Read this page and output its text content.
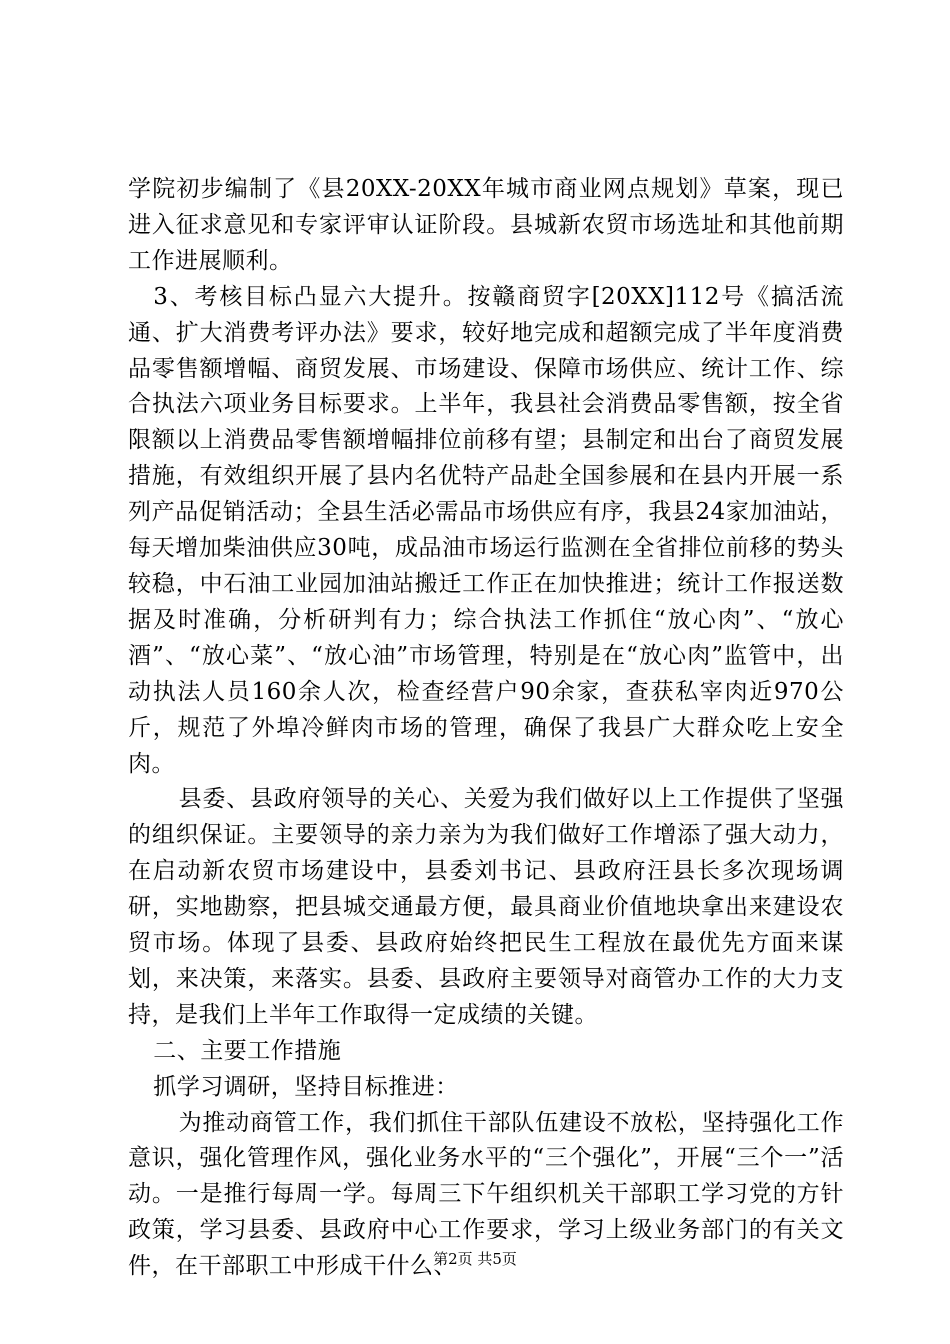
学院初步编制了《县20XX-20XX年城市商业网点规划》草案，现已进入征求意见和专家评审认证阶段。县城新农贸市场选址和其他前期工作进展顺利。

3、考核目标凸显六大提升。按赣商贸字[20XX]112号《搞活流通、扩大消费考评办法》要求，较好地完成和超额完成了半年度消费品零售额增幅、商贸发展、市场建设、保障市场供应、统计工作、综合执法六项业务目标要求。上半年，我县社会消费品零售额，按全省限额以上消费品零售额增幅排位前移有望；县制定和出台了商贸发展措施，有效组织开展了县内名优特产品赴全国参展和在县内开展一系列产品促销活动；全县生活必需品市场供应有序，我县24家加油站，每天增加柴油供应30吨，成品油市场运行监测在全省排位前移的势头较稳，中石油工业园加油站搬迁工作正在加快推进；统计工作报送数据及时准确，分析研判有力；综合执法工作抓住“放心肉”、“放心酒”、“放心菜”、“放心油”市场管理，特别是在“放心肉”监管中，出动执法人员160余人次，检查经营户90余家，查获私宰肉近970公斤，规范了外埠冷鲜肉市场的管理，确保了我县广大群众吃上安全肉。

县委、县政府领导的关心、关爱为我们做好以上工作提供了坚强的组织保证。主要领导的亲力亲为为我们做好工作增添了强大动力，在启动新农贸市场建设中，县委刘书记、县政府汪县长多次现场调研，实地勘察，把县城交通最方便，最具商业价值地块拿出来建设农贸市场。体现了县委、县政府始终把民生工程放在最优先方面来谋划，来决策，来落实。县委、县政府主要领导对商管办工作的大力支持，是我们上半年工作取得一定成绩的关键。

二、主要工作措施

抓学习调研，坚持目标推进：

为推动商管工作，我们抓住干部队伍建设不放松，坚持强化工作意识，强化管理作风，强化业务水平的“三个强化”，开展“三个一”活动。一是推行每周一学。每周三下午组织机关干部职工学习党的方针政策，学习县委、县政府中心工作要求，学习上级业务部门的有关文件，在干部职工中形成干什么、

第2页 共5页
